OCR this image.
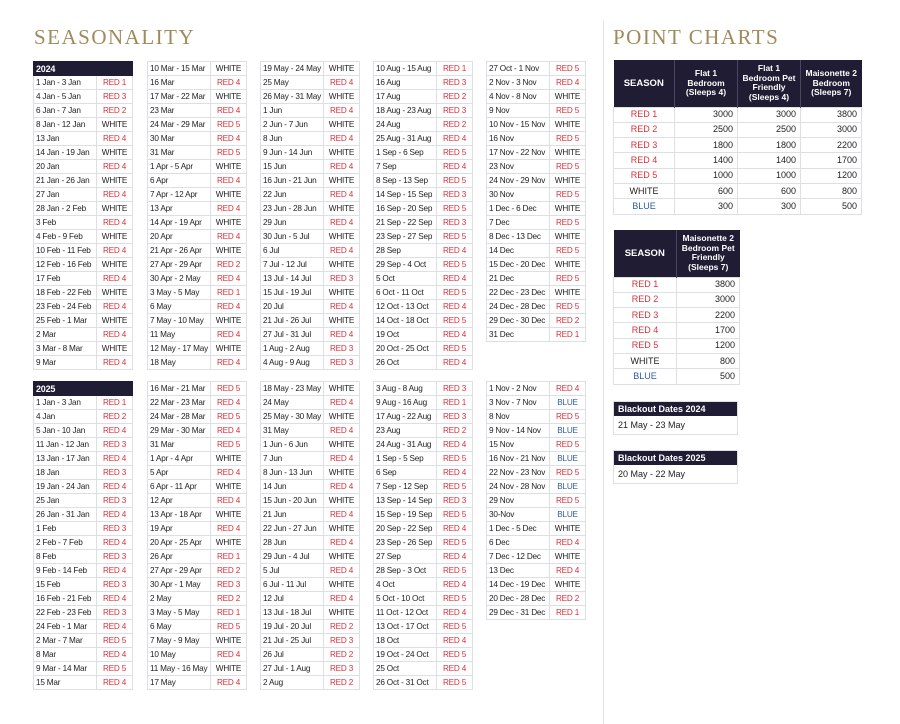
SEASONALITY	POINT CHARTS
2024	
1 Jan - 3 Jan	RED 1
4 Jan - 5 Jan	RED 3
6 Jan - 7 Jan	RED 2
8 Jan - 12 Jan	WHITE
13 Jan	RED 4
14 Jan - 19 Jan	WHITE
20 Jan	RED 4
21 Jan - 26 Jan	WHITE
27 Jan	RED 4
28 Jan - 2 Feb	WHITE
3 Feb	RED 4
4 Feb - 9 Feb	WHITE
10 Feb - 11 Feb	RED 4
12 Feb - 16 Feb	WHITE
17 Feb	RED 4
18 Feb - 22 Feb	WHITE
23 Feb - 24 Feb	RED 4
25 Feb - 1 Mar	WHITE
2 Mar	RED 4
3 Mar - 8 Mar	WHITE
9 Mar	RED 4
10 Mar - 15 Mar	WHITE
16 Mar	RED 4
17 Mar - 22 Mar	WHITE
23 Mar	RED 4
24 Mar - 29 Mar	RED 5
30 Mar	RED 4
31 Mar	RED 5
1 Apr - 5 Apr	WHITE
6 Apr	RED 4
7 Apr - 12 Apr	WHITE
13 Apr	RED 4
14 Apr - 19 Apr	WHITE
20 Apr	RED 4
21 Apr - 26 Apr	WHITE
27 Apr - 29 Apr	RED 2
30 Apr - 2 May	RED 4
3 May - 5 May	RED 1
6 May	RED 4
7 May - 10 May	WHITE
11 May	RED 4
12 May - 17 May	WHITE
18 May	RED 4
19 May - 24 May	WHITE
25 May	RED 4
26 May - 31 May	WHITE
1 Jun	RED 4
2 Jun - 7 Jun	WHITE
8 Jun	RED 4
9 Jun - 14 Jun	WHITE
15 Jun	RED 4
16 Jun - 21 Jun	WHITE
22 Jun	RED 4
23 Jun - 28 Jun	WHITE
29 Jun	RED 4
30 Jun - 5 Jul	WHITE
6 Jul	RED 4
7 Jul - 12 Jul	WHITE
13 Jul - 14 Jul	RED 3
15 Jul - 19 Jul	WHITE
20 Jul	RED 4
21 Jul - 26 Jul	WHITE
27 Jul - 31 Jul	RED 4
1 Aug - 2 Aug	RED 3
4 Aug - 9 Aug	RED 3
10 Aug - 15 Aug	RED 1
16 Aug	RED 3
17 Aug	RED 2
18 Aug - 23 Aug	RED 3
24 Aug	RED 2
25 Aug - 31 Aug	RED 4
1 Sep - 6 Sep	RED 5
7 Sep	RED 4
8 Sep - 13 Sep	RED 5
14 Sep - 15 Sep	RED 3
16 Sep - 20 Sep	RED 5
21 Sep - 22 Sep	RED 3
23 Sep - 27 Sep	RED 5
28 Sep	RED 4
29 Sep - 4 Oct	RED 5
5 Oct	RED 4
6 Oct - 11 Oct	RED 5
12 Oct - 13 Oct	RED 4
14 Oct - 18 Oct	RED 5
19 Oct	RED 4
20 Oct - 25 Oct	RED 5
26 Oct	RED 4
27 Oct - 1 Nov	RED 5
2 Nov - 3 Nov	RED 4
4 Nov - 8 Nov	WHITE
9 Nov	RED 5
10 Nov - 15 Nov	WHITE
16 Nov	RED 5
17 Nov - 22 Nov	WHITE
23 Nov	RED 5
24 Nov - 29 Nov	WHITE
30 Nov	RED 5
1 Dec - 6 Dec	WHITE
7 Dec	RED 5
8 Dec - 13 Dec	WHITE
14 Dec	RED 5
15 Dec - 20 Dec	WHITE
21 Dec	RED 5
22 Dec - 23 Dec	WHITE
24 Dec - 28 Dec	RED 5
29 Dec - 30 Dec	RED 2
31 Dec	RED 1
2025	
1 Jan - 3 Jan	RED 1
4 Jan	RED 2
5 Jan - 10 Jan	RED 4
11 Jan - 12 Jan	RED 3
13 Jan - 17 Jan	RED 4
18 Jan	RED 3
19 Jan - 24 Jan	RED 4
25 Jan	RED 3
26 Jan - 31 Jan	RED 4
1 Feb	RED 3
2 Feb - 7 Feb	RED 4
8 Feb	RED 3
9 Feb - 14 Feb	RED 4
15 Feb	RED 3
16 Feb - 21 Feb	RED 4
22 Feb - 23 Feb	RED 3
24 Feb - 1 Mar	RED 4
2 Mar - 7 Mar	RED 5
8 Mar	RED 4
9 Mar - 14 Mar	RED 5
15 Mar	RED 4
16 Mar - 21 Mar	RED 5
22 Mar - 23 Mar	RED 4
24 Mar - 28 Mar	RED 5
29 Mar - 30 Mar	RED 4
31 Mar	RED 5
1 Apr - 4 Apr	WHITE
5 Apr	RED 4
6 Apr - 11 Apr	WHITE
12 Apr	RED 4
13 Apr - 18 Apr	WHITE
19 Apr	RED 4
20 Apr - 25 Apr	WHITE
26 Apr	RED 1
27 Apr - 29 Apr	RED 2
30 Apr - 1 May	RED 3
2 May	RED 2
3 May - 5 May	RED 1
6 May	RED 5
7 May - 9 May	WHITE
10 May	RED 4
11 May - 16 May	WHITE
17 May	RED 4
18 May - 23 May	WHITE
24 May	RED 4
25 May - 30 May	WHITE
31 May	RED 4
1 Jun - 6 Jun	WHITE
7 Jun	RED 4
8 Jun - 13 Jun	WHITE
14 Jun	RED 4
15 Jun - 20 Jun	WHITE
21 Jun	RED 4
22 Jun - 27 Jun	WHITE
28 Jun	RED 4
29 Jun - 4 Jul	WHITE
5 Jul	RED 4
6 Jul - 11 Jul	WHITE
12 Jul	RED 4
13 Jul - 18 Jul	WHITE
19 Jul - 20 Jul	RED 2
21 Jul - 25 Jul	RED 3
26 Jul	RED 2
27 Jul - 1 Aug	RED 3
2 Aug	RED 2
3 Aug - 8 Aug	RED 3
9 Aug - 16 Aug	RED 1
17 Aug - 22 Aug	RED 3
23 Aug	RED 2
24 Aug - 31 Aug	RED 4
1 Sep - 5 Sep	RED 5
6 Sep	RED 4
7 Sep - 12 Sep	RED 5
13 Sep - 14 Sep	RED 3
15 Sep - 19 Sep	RED 5
20 Sep - 22 Sep	RED 4
23 Sep - 26 Sep	RED 5
27 Sep	RED 4
28 Sep - 3 Oct	RED 5
4 Oct	RED 4
5 Oct - 10 Oct	RED 5
11 Oct - 12 Oct	RED 4
13 Oct - 17 Oct	RED 5
18 Oct	RED 4
19 Oct - 24 Oct	RED 5
25 Oct	RED 4
26 Oct - 31 Oct	RED 5
1 Nov - 2 Nov	RED 4
3 Nov - 7 Nov	BLUE
8 Nov	RED 5
9 Nov - 14 Nov	BLUE
15 Nov	RED 5
16 Nov - 21 Nov	BLUE
22 Nov - 23 Nov	RED 5
24 Nov - 28 Nov	BLUE
29 Nov	RED 5
30-Nov	BLUE
1 Dec - 5 Dec	WHITE
6 Dec	RED 4
7 Dec - 12 Dec	WHITE
13 Dec	RED 4
14 Dec - 19 Dec	WHITE
20 Dec - 28 Dec	RED 2
29 Dec - 31 Dec	RED 1
SEASON	Flat 1 Bedroom (Sleeps 4)	Flat 1 Bedroom Pet Friendly (Sleeps 4)	Maisonette 2 Bedroom (Sleeps 7)
RED 1	3000	3000	3800
RED 2	2500	2500	3000
RED 3	1800	1800	2200
RED 4	1400	1400	1700
RED 5	1000	1000	1200
WHITE	600	600	800
BLUE	300	300	500
SEASON	Maisonette 2 Bedroom Pet Friendly (Sleeps 7)
RED 1	3800
RED 2	3000
RED 3	2200
RED 4	1700
RED 5	1200
WHITE	800
BLUE	500
Blackout Dates 2024
21 May - 23 May
Blackout Dates 2025
20 May - 22 May
